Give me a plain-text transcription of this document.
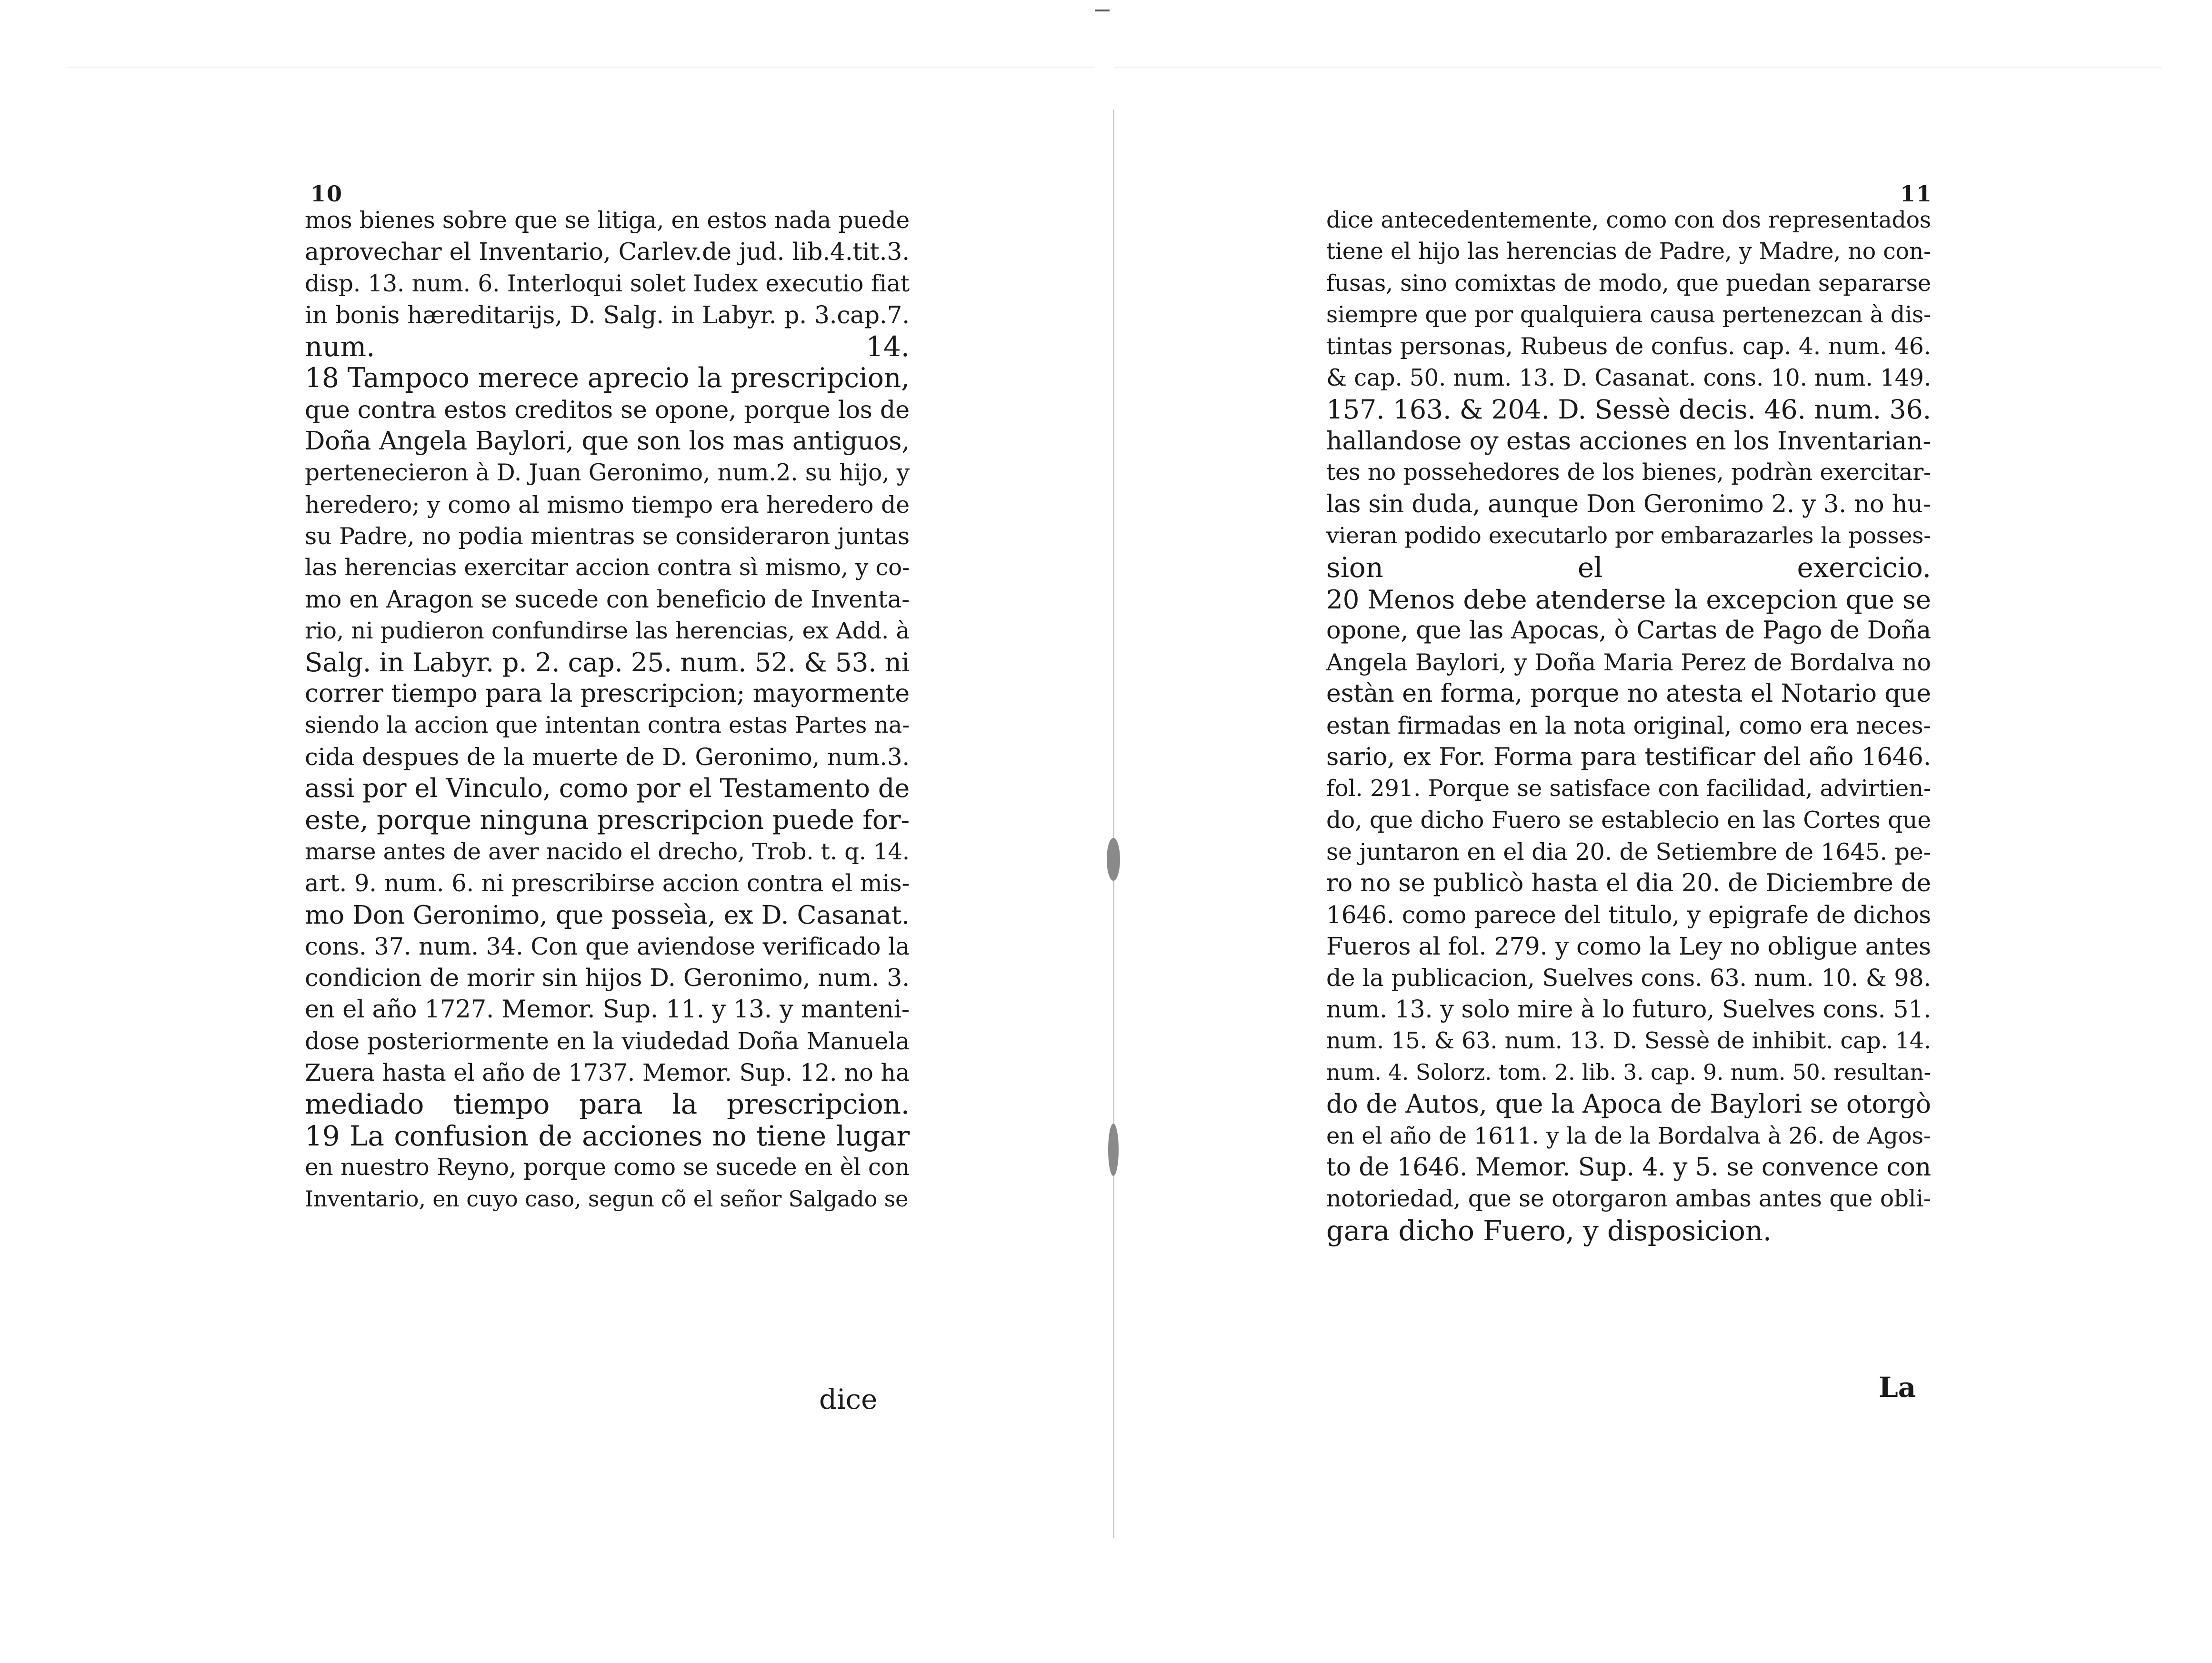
10	11
mos bienes sobre que se litiga, en estos nada puede
aprovechar el Inventario, Carlev.de jud. lib.4.tit.3.
disp. 13. num. 6. Interloqui solet Iudex executio fiat
in bonis hæreditarijs, D. Salg. in Labyr. p. 3.cap.7.
num. 14.
18 Tampoco merece aprecio la prescripcion,
que contra estos creditos se opone, porque los de
Doña Angela Baylori, que son los mas antiguos,
pertenecieron à D. Juan Geronimo, num.2. su hijo, y
heredero; y como al mismo tiempo era heredero de
su Padre, no podia mientras se consideraron juntas
las herencias exercitar accion contra sì mismo, y co-
mo en Aragon se sucede con beneficio de Inventa-
rio, ni pudieron confundirse las herencias, ex Add. à
Salg. in Labyr. p. 2. cap. 25. num. 52. & 53. ni
correr tiempo para la prescripcion; mayormente
siendo la accion que intentan contra estas Partes na-
cida despues de la muerte de D. Geronimo, num.3.
assi por el Vinculo, como por el Testamento de
este, porque ninguna prescripcion puede for-
marse antes de aver nacido el drecho, Trob. t. q. 14.
art. 9. num. 6. ni prescribirse accion contra el mis-
mo Don Geronimo, que posseìa, ex D. Casanat.
cons. 37. num. 34. Con que aviendose verificado la
condicion de morir sin hijos D. Geronimo, num. 3.
en el año 1727. Memor. Sup. 11. y 13. y manteni-
dose posteriormente en la viudedad Doña Manuela
Zuera hasta el año de 1737. Memor. Sup. 12. no ha
mediado tiempo para la prescripcion.
19 La confusion de acciones no tiene lugar
en nuestro Reyno, porque como se sucede en èl con
Inventario, en cuyo caso, segun cõ el señor Salgado se
dice antecedentemente, como con dos representados
tiene el hijo las herencias de Padre, y Madre, no con-
fusas, sino comixtas de modo, que puedan separarse
siempre que por qualquiera causa pertenezcan à dis-
tintas personas, Rubeus de confus. cap. 4. num. 46.
& cap. 50. num. 13. D. Casanat. cons. 10. num. 149.
157. 163. & 204. D. Sessè decis. 46. num. 36.
hallandose oy estas acciones en los Inventarian-
tes no possehedores de los bienes, podràn exercitar-
las sin duda, aunque Don Geronimo 2. y 3. no hu-
vieran podido executarlo por embarazarles la posses-
sion el exercicio.
20 Menos debe atenderse la excepcion que se
opone, que las Apocas, ò Cartas de Pago de Doña
Angela Baylori, y Doña Maria Perez de Bordalva no
estàn en forma, porque no atesta el Notario que
estan firmadas en la nota original, como era neces-
sario, ex For. Forma para testificar del año 1646.
fol. 291. Porque se satisface con facilidad, advirtien-
do, que dicho Fuero se establecio en las Cortes que
se juntaron en el dia 20. de Setiembre de 1645. pe-
ro no se publicò hasta el dia 20. de Diciembre de
1646. como parece del titulo, y epigrafe de dichos
Fueros al fol. 279. y como la Ley no obligue antes
de la publicacion, Suelves cons. 63. num. 10. & 98.
num. 13. y solo mire à lo futuro, Suelves cons. 51.
num. 15. & 63. num. 13. D. Sessè de inhibit. cap. 14.
num. 4. Solorz. tom. 2. lib. 3. cap. 9. num. 50. resultan-
do de Autos, que la Apoca de Baylori se otorgò
en el año de 1611. y la de la Bordalva à 26. de Agos-
to de 1646. Memor. Sup. 4. y 5. se convence con
notoriedad, que se otorgaron ambas antes que obli-
gara dicho Fuero, y disposicion.
dice	La
